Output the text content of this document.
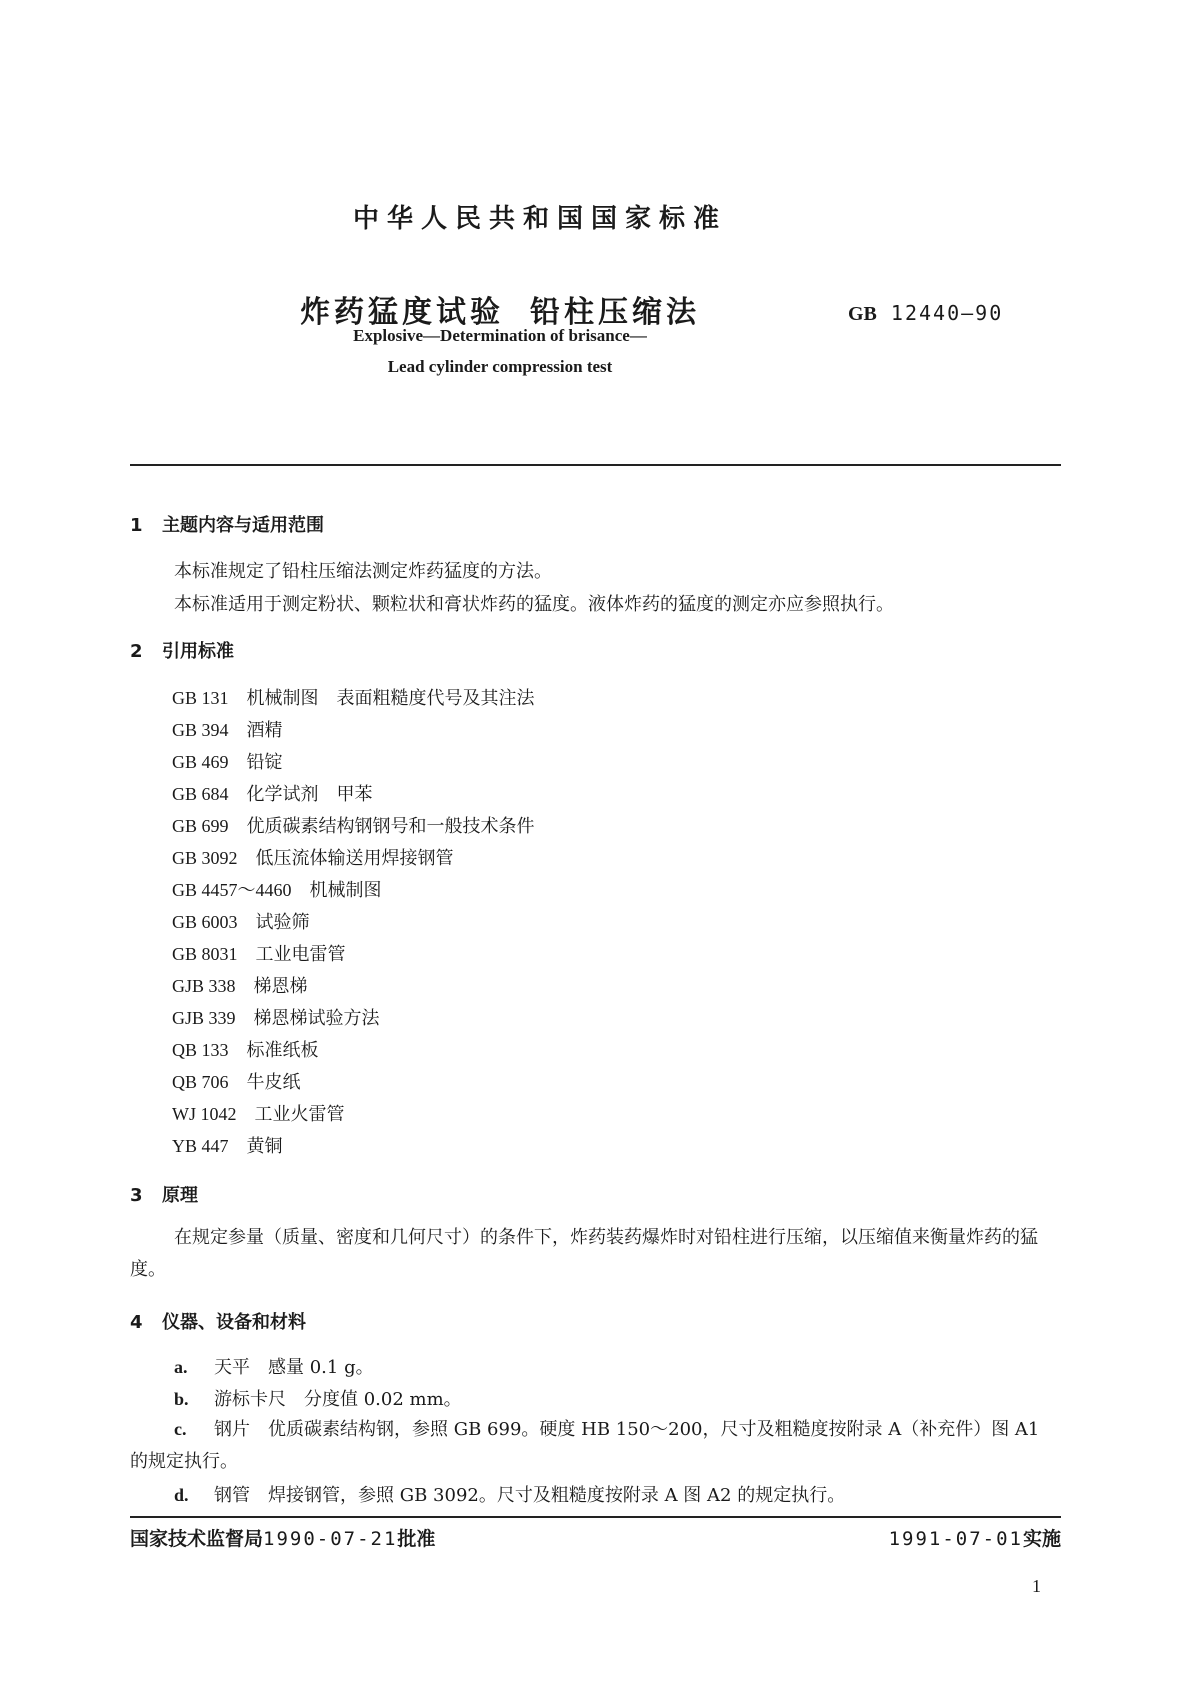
中华人民共和国国家标准
炸药猛度试验 铅柱压缩法	GB 12440—90
Explosive—Determination of brisance—
Lead cylinder compression test
1 主题内容与适用范围
本标准规定了铅柱压缩法测定炸药猛度的方法。
本标准适用于测定粉状、颗粒状和膏状炸药的猛度。液体炸药的猛度的测定亦应参照执行。
2 引用标准
GB 131　 机械制图　表面粗糙度代号及其注法
GB 394　 酒精
GB 469　 铅锭
GB 684　 化学试剂　甲苯
GB 699　 优质碳素结构钢钢号和一般技术条件
GB 3092　 低压流体输送用焊接钢管
GB 4457～4460　 机械制图
GB 6003　 试验筛
GB 8031　 工业电雷管
GJB 338　 梯恩梯
GJB 339　 梯恩梯试验方法
QB 133　 标准纸板
QB 706　 牛皮纸
WJ 1042　 工业火雷管
YB 447　 黄铜
3 原理
在规定参量（质量、密度和几何尺寸）的条件下，炸药装药爆炸时对铅柱进行压缩，以压缩值来衡量炸药的猛度。
4 仪器、设备和材料
a. 天平　感量 0.1 g。
b. 游标卡尺　分度值 0.02 mm。
c. 钢片　优质碳素结构钢，参照 GB 699。硬度 HB 150～200，尺寸及粗糙度按附录 A（补充件）图 A1 的规定执行。
d. 钢管　焊接钢管，参照 GB 3092。尺寸及粗糙度按附录 A 图 A2 的规定执行。
国家技术监督局1990-07-21批准	1991-07-01实施
1
